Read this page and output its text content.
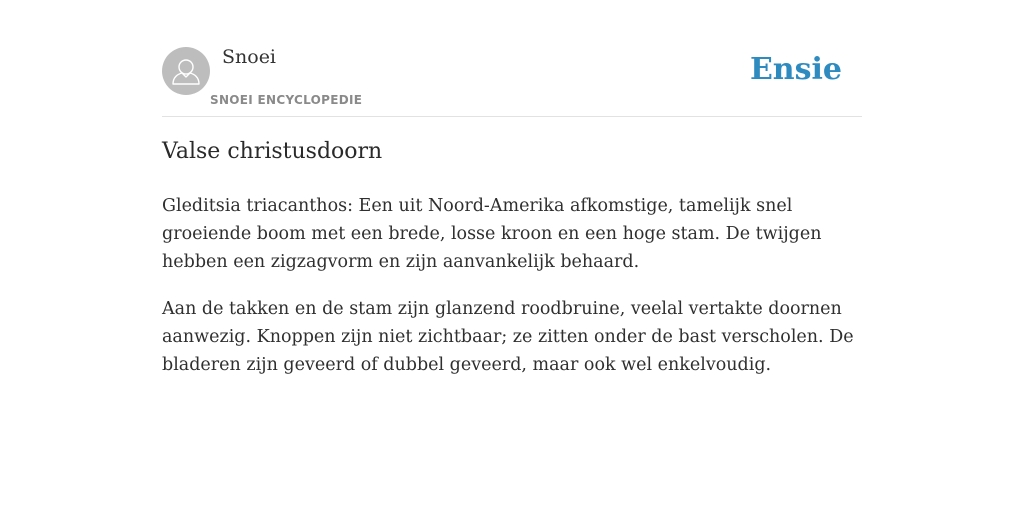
Snoei
SNOEI ENCYCLOPEDIE
Ensie
Valse christusdoorn

Gleditsia triacanthos: Een uit Noord-Amerika afkomstige, tamelijk snel groeiende boom met een brede, losse kroon en een hoge stam. De twijgen hebben een zigzagvorm en zijn aanvankelijk behaard.

Aan de takken en de stam zijn glanzend roodbruine, veelal vertakte doornen aanwezig. Knoppen zijn niet zichtbaar; ze zitten onder de bast verscholen. De bladeren zijn geveerd of dubbel geveerd, maar ook wel enkelvoudig.
